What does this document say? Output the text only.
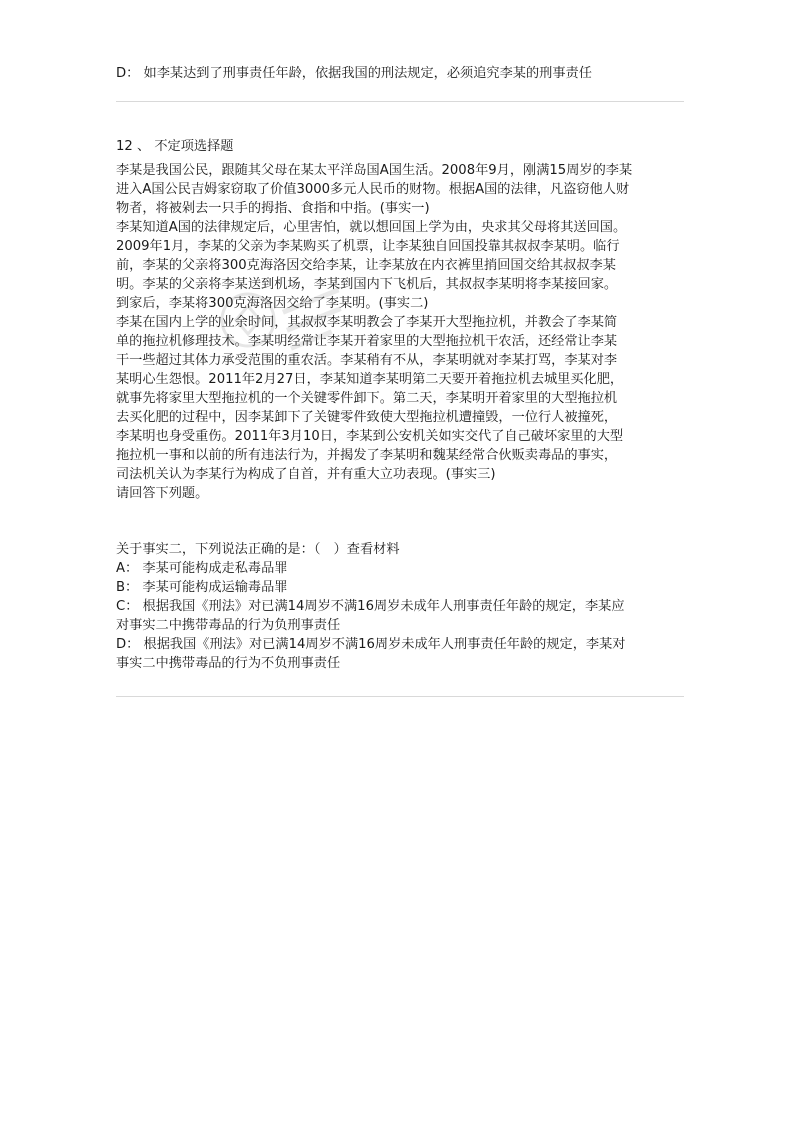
D： 如李某达到了刑事责任年龄，依据我国的刑法规定，必须追究李某的刑事责任
12 、 不定项选择题
李某是我国公民，跟随其父母在某太平洋岛国A国生活。2008年9月，刚满15周岁的李某
进入A国公民吉姆家窃取了价值3000多元人民币的财物。根据A国的法律，凡盗窃他人财
物者，将被剁去一只手的拇指、食指和中指。(事实一)
李某知道A国的法律规定后，心里害怕，就以想回国上学为由，央求其父母将其送回国。
2009年1月，李某的父亲为李某购买了机票，让李某独自回国投靠其叔叔李某明。临行
前，李某的父亲将300克海洛因交给李某，让李某放在内衣裤里捎回国交给其叔叔李某
明。李某的父亲将李某送到机场，李某到国内下飞机后，其叔叔李某明将李某接回家。
到家后，李某将300克海洛因交给了李某明。(事实二)
李某在国内上学的业余时间，其叔叔李某明教会了李某开大型拖拉机，并教会了李某简
单的拖拉机修理技术。李某明经常让李某开着家里的大型拖拉机干农活，还经常让李某
干一些超过其体力承受范围的重农活。李某稍有不从，李某明就对李某打骂，李某对李
某明心生怨恨。2011年2月27日，李某知道李某明第二天要开着拖拉机去城里买化肥，
就事先将家里大型拖拉机的一个关键零件卸下。第二天，李某明开着家里的大型拖拉机
去买化肥的过程中，因李某卸下了关键零件致使大型拖拉机遭撞毁，一位行人被撞死，
李某明也身受重伤。2011年3月10日，李某到公安机关如实交代了自己破坏家里的大型
拖拉机一事和以前的所有违法行为，并揭发了李某明和魏某经常合伙贩卖毒品的事实，
司法机关认为李某行为构成了自首，并有重大立功表现。(事实三)
请回答下列题。
关于事实二，下列说法正确的是：（　）查看材料
A： 李某可能构成走私毒品罪
B： 李某可能构成运输毒品罪
C： 根据我国《刑法》对已满14周岁不满16周岁未成年人刑事责任年龄的规定，李某应
对事实二中携带毒品的行为负刑事责任
D： 根据我国《刑法》对已满14周岁不满16周岁未成年人刑事责任年龄的规定，李某对
事实二中携带毒品的行为不负刑事责任
